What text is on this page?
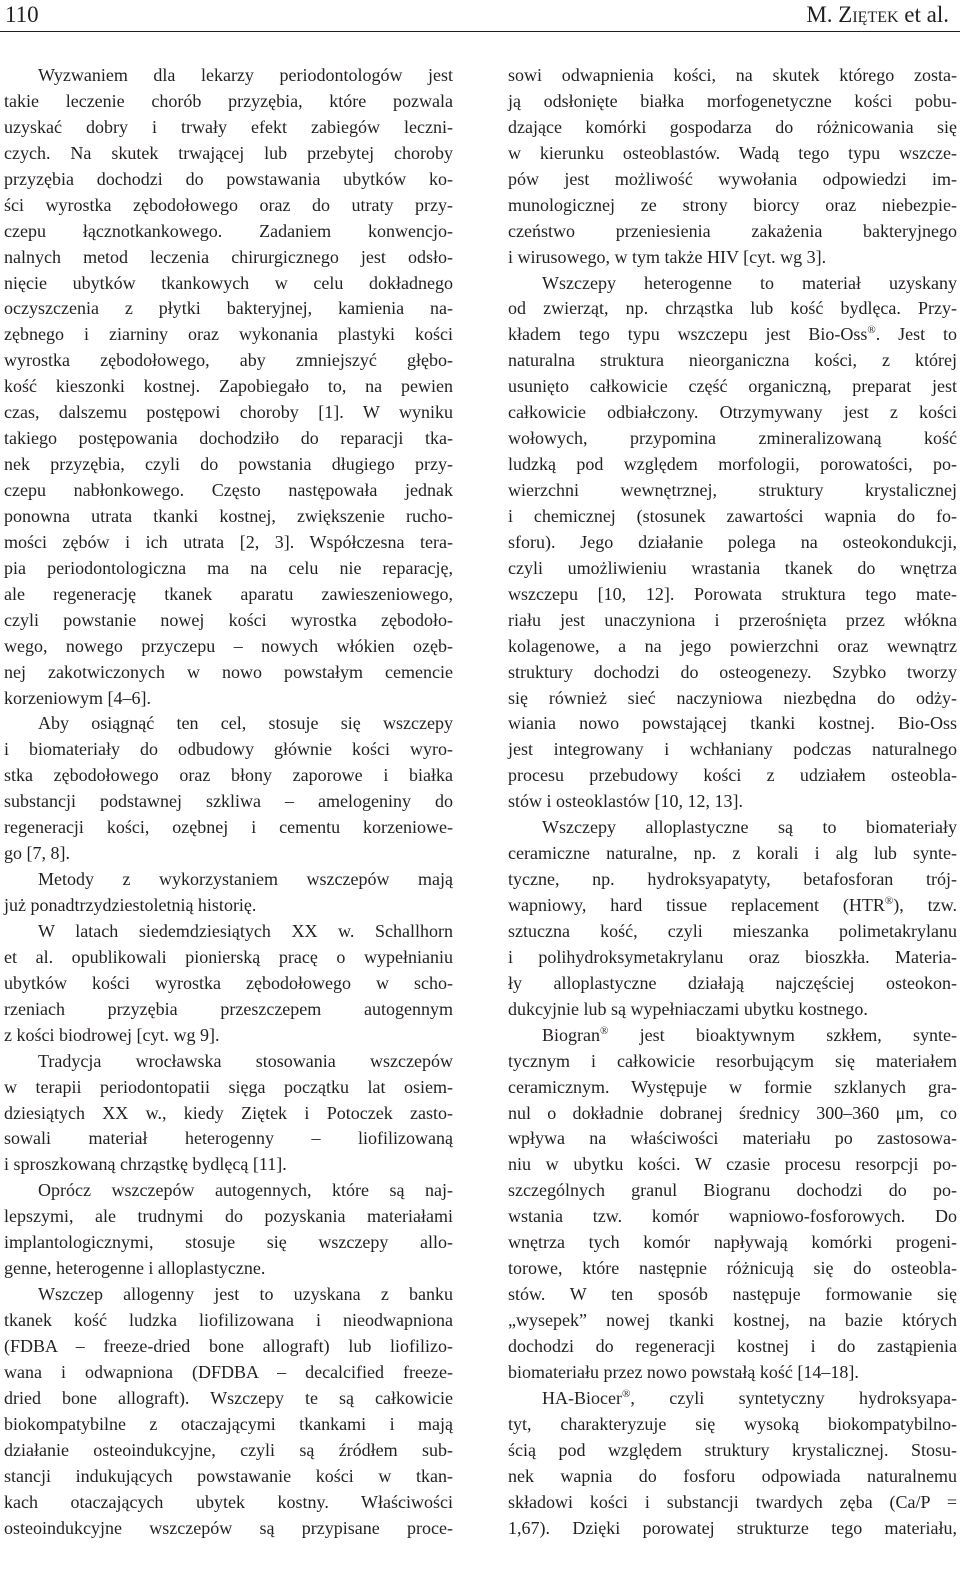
110	M. ZIĘTEK et al.
Wyzwaniem dla lekarzy periodontologów jest
takie leczenie chorób przyzębia, które pozwala
uzyskać dobry i trwały efekt zabiegów leczni-
czych. Na skutek trwającej lub przebytej choroby
przyzębia dochodzi do powstawania ubytków ko-
ści wyrostka zębodołowego oraz do utraty przy-
czepu łącznotkankowego. Zadaniem konwencjo-
nalnych metod leczenia chirurgicznego jest odsło-
nięcie ubytków tkankowych w celu dokładnego
oczyszczenia z płytki bakteryjnej, kamienia na-
zębnego i ziarniny oraz wykonania plastyki kości
wyrostka zębodołowego, aby zmniejszyć głębo-
kość kieszonki kostnej. Zapobiegało to, na pewien
czas, dalszemu postępowi choroby [1]. W wyniku
takiego postępowania dochodziło do reparacji tka-
nek przyzębia, czyli do powstania długiego przy-
czepu nabłonkowego. Często następowała jednak
ponowna utrata tkanki kostnej, zwiększenie rucho-
mości zębów i ich utrata [2, 3]. Współczesna tera-
pia periodontologiczna ma na celu nie reparację,
ale regenerację tkanek aparatu zawieszeniowego,
czyli powstanie nowej kości wyrostka zębodoło-
wego, nowego przyczepu – nowych włókien ozęb-
nej zakotwiczonych w nowo powstałym cemencie
korzeniowym [4–6].
Aby osiągnąć ten cel, stosuje się wszczepy
i biomateriały do odbudowy głównie kości wyro-
stka zębodołowego oraz błony zaporowe i białka
substancji podstawnej szkliwa – amelogeniny do
regeneracji kości, ozębnej i cementu korzeniowe-
go [7, 8].
Metody z wykorzystaniem wszczepów mają
już ponadtrzydziestoletnią historię.
W latach siedemdziesiątych XX w. Schallhorn
et al. opublikowali pionierską pracę o wypełnianiu
ubytków kości wyrostka zębodołowego w scho-
rzeniach przyzębia przeszczepem autogennym
z kości biodrowej [cyt. wg 9].
Tradycja wrocławska stosowania wszczepów
w terapii periodontopatii sięga początku lat osiem-
dziesiątych XX w., kiedy Ziętek i Potoczek zasto-
sowali materiał heterogenny – liofilizowaną
i sproszkowaną chrząstkę bydlęcą [11].
Oprócz wszczepów autogennych, które są naj-
lepszymi, ale trudnymi do pozyskania materiałami
implantologicznymi, stosuje się wszczepy allo-
genne, heterogenne i alloplastyczne.
Wszczep allogenny jest to uzyskana z banku
tkanek kość ludzka liofilizowana i nieodwapniona
(FDBA – freeze-dried bone allograft) lub liofilizo-
wana i odwapniona (DFDBA – decalcified freeze-
dried bone allograft). Wszczepy te są całkowicie
biokompatybilne z otaczającymi tkankami i mają
działanie osteoindukcyjne, czyli są źródłem sub-
stancji indukujących powstawanie kości w tkan-
kach otaczających ubytek kostny. Właściwości
osteoindukcyjne wszczepów są przypisane proce-
sowi odwapnienia kości, na skutek którego zosta-
ją odsłonięte białka morfogenetyczne kości pobu-
dzające komórki gospodarza do różnicowania się
w kierunku osteoblastów. Wadą tego typu wszcze-
pów jest możliwość wywołania odpowiedzi im-
munologicznej ze strony biorcy oraz niebezpie-
czeństwo przeniesienia zakażenia bakteryjnego
i wirusowego, w tym także HIV [cyt. wg 3].
Wszczepy heterogenne to materiał uzyskany
od zwierząt, np. chrząstka lub kość bydlęca. Przy-
kładem tego typu wszczepu jest Bio-Oss®. Jest to
naturalna struktura nieorganiczna kości, z której
usunięto całkowicie część organiczną, preparat jest
całkowicie odbiałczony. Otrzymywany jest z kości
wołowych, przypomina zmineralizowaną kość
ludzką pod względem morfologii, porowatości, po-
wierzchni wewnętrznej, struktury krystalicznej
i chemicznej (stosunek zawartości wapnia do fo-
sforu). Jego działanie polega na osteokondukcji,
czyli umożliwieniu wrastania tkanek do wnętrza
wszczepu [10, 12]. Porowata struktura tego mate-
riału jest unaczyniona i przerośnięta przez włókna
kolagenowe, a na jego powierzchni oraz wewnątrz
struktury dochodzi do osteogenezy. Szybko tworzy
się również sieć naczyniowa niezbędna do odży-
wiania nowo powstającej tkanki kostnej. Bio-Oss
jest integrowany i wchłaniany podczas naturalnego
procesu przebudowy kości z udziałem osteobla-
stów i osteoklastów [10, 12, 13].
Wszczepy alloplastyczne są to biomateriały
ceramiczne naturalne, np. z korali i alg lub synte-
tyczne, np. hydroksyapatyty, betafosforan trój-
wapniowy, hard tissue replacement (HTR®), tzw.
sztuczna kość, czyli mieszanka polimetakrylanu
i polihydroksymetakrylanu oraz bioszkła. Materia-
ły alloplastyczne działają najczęściej osteokon-
dukcyjnie lub są wypełniaczami ubytku kostnego.
Biogran® jest bioaktywnym szkłem, synte-
tycznym i całkowicie resorbującym się materiałem
ceramicznym. Występuje w formie szklanych gra-
nul o dokładnie dobranej średnicy 300–360 μm, co
wpływa na właściwości materiału po zastosowa-
niu w ubytku kości. W czasie procesu resorpcji po-
szczególnych granul Biogranu dochodzi do po-
wstania tzw. komór wapniowo-fosforowych. Do
wnętrza tych komór napływają komórki progeni-
torowe, które następnie różnicują się do osteobla-
stów. W ten sposób następuje formowanie się
„wysepek” nowej tkanki kostnej, na bazie których
dochodzi do regeneracji kostnej i do zastąpienia
biomateriału przez nowo powstałą kość [14–18].
HA-Biocer®, czyli syntetyczny hydroksyapa-
tyt, charakteryzuje się wysoką biokompatybilno-
ścią pod względem struktury krystalicznej. Stosu-
nek wapnia do fosforu odpowiada naturalnemu
składowi kości i substancji twardych zęba (Ca/P =
1,67). Dzięki porowatej strukturze tego materiału,
